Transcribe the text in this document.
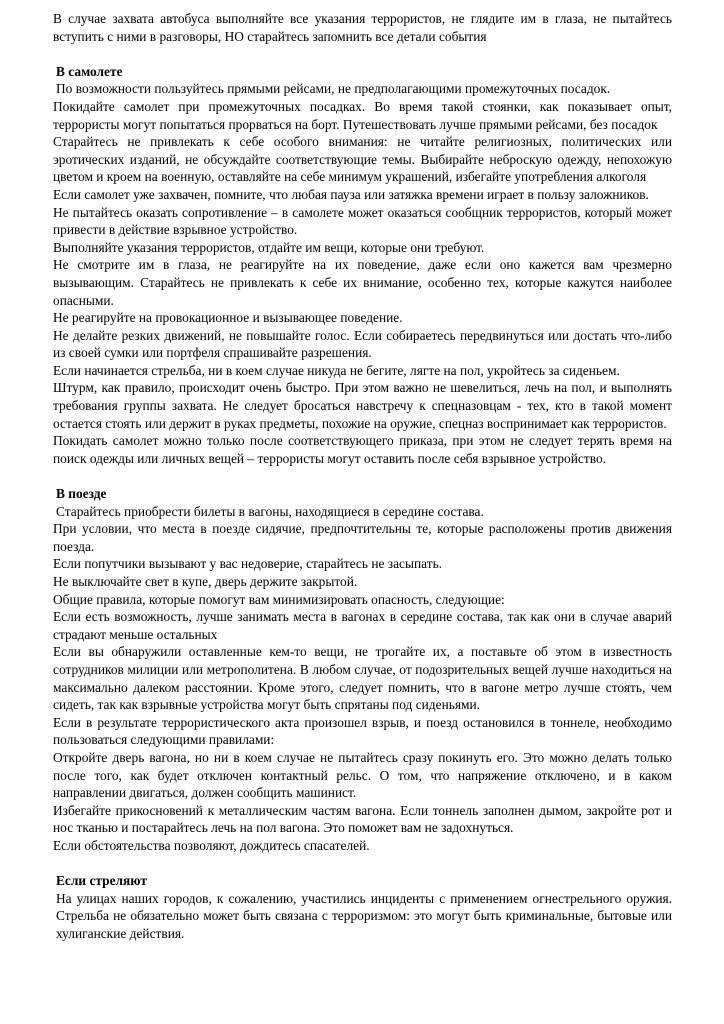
В случае захвата автобуса выполняйте все указания террористов, не глядите им в глаза, не пытайтесь вступить с ними в разговоры, НО старайтесь запомнить все детали события

В самолете

По возможности пользуйтесь прямыми рейсами, не предполагающими промежуточных посадок.

Покидайте самолет при промежуточных посадках. Во время такой стоянки, как показывает опыт, террористы могут попытаться прорваться на борт. Путешествовать лучше прямыми рейсами, без посадок

Старайтесь не привлекать к себе особого внимания: не читайте религиозных, политических или эротических изданий, не обсуждайте соответствующие темы. Выбирайте неброскую одежду, непохожую цветом и кроем на военную, оставляйте на себе минимум украшений, избегайте употребления алкоголя

Если самолет уже захвачен, помните, что любая пауза или затяжка времени играет в пользу заложников.

Не пытайтесь оказать сопротивление – в самолете может оказаться сообщник террористов, который может привести в действие взрывное устройство.

Выполняйте указания террористов, отдайте им вещи, которые они требуют.

Не смотрите им в глаза, не реагируйте на их поведение, даже если оно кажется вам чрезмерно вызывающим. Старайтесь не привлекать к себе их внимание, особенно тех, которые кажутся наиболее опасными.

Не реагируйте на провокационное и вызывающее поведение.

Не делайте резких движений, не повышайте голос. Если собираетесь передвинуться или достать что-либо из своей сумки или портфеля спрашивайте разрешения.

Если начинается стрельба, ни в коем случае никуда не бегите, лягте на пол, укройтесь за сиденьем.

Штурм, как правило, происходит очень быстро. При этом важно не шевелиться, лечь на пол, и выполнять требования группы захвата. Не следует бросаться навстречу к спецназовцам - тех, кто в такой момент остается стоять или держит в руках предметы, похожие на оружие, спецназ воспринимает как террористов.

Покидать самолет можно только после соответствующего приказа, при этом не следует терять время на поиск одежды или личных вещей – террористы могут оставить после себя взрывное устройство.

В поезде

Старайтесь приобрести билеты в вагоны, находящиеся в середине состава.

При условии, что места в поезде сидячие, предпочтительны те, которые расположены против движения поезда.

Если попутчики вызывают у вас недоверие, старайтесь не засыпать.

Не выключайте свет в купе, дверь держите закрытой.

Общие правила, которые помогут вам минимизировать опасность, следующие:

Если есть возможность, лучше занимать места в вагонах в середине состава, так как они в случае аварий страдают меньше остальных

Если вы обнаружили оставленные кем-то вещи, не трогайте их, а поставьте об этом в известность сотрудников милиции или метрополитена. В любом случае, от подозрительных вещей лучше находиться на максимально далеком расстоянии. Кроме этого, следует помнить, что в вагоне метро лучше стоять, чем сидеть, так как взрывные устройства могут быть спрятаны под сиденьями.

Если в результате террористического акта произошел взрыв, и поезд остановился в тоннеле, необходимо пользоваться следующими правилами:

Откройте дверь вагона, но ни в коем случае не пытайтесь сразу покинуть его. Это можно делать только после того, как будет отключен контактный рельс. О том, что напряжение отключено, и в каком направлении двигаться, должен сообщить машинист.

Избегайте прикосновений к металлическим частям вагона. Если тоннель заполнен дымом, закройте рот и нос тканью и постарайтесь лечь на пол вагона. Это поможет вам не задохнуться.

Если обстоятельства позволяют, дождитесь спасателей.

Если стреляют

На улицах наших городов, к сожалению, участились инциденты с применением огнестрельного оружия. Стрельба не обязательно может быть связана с терроризмом: это могут быть криминальные, бытовые или хулиганские действия.
